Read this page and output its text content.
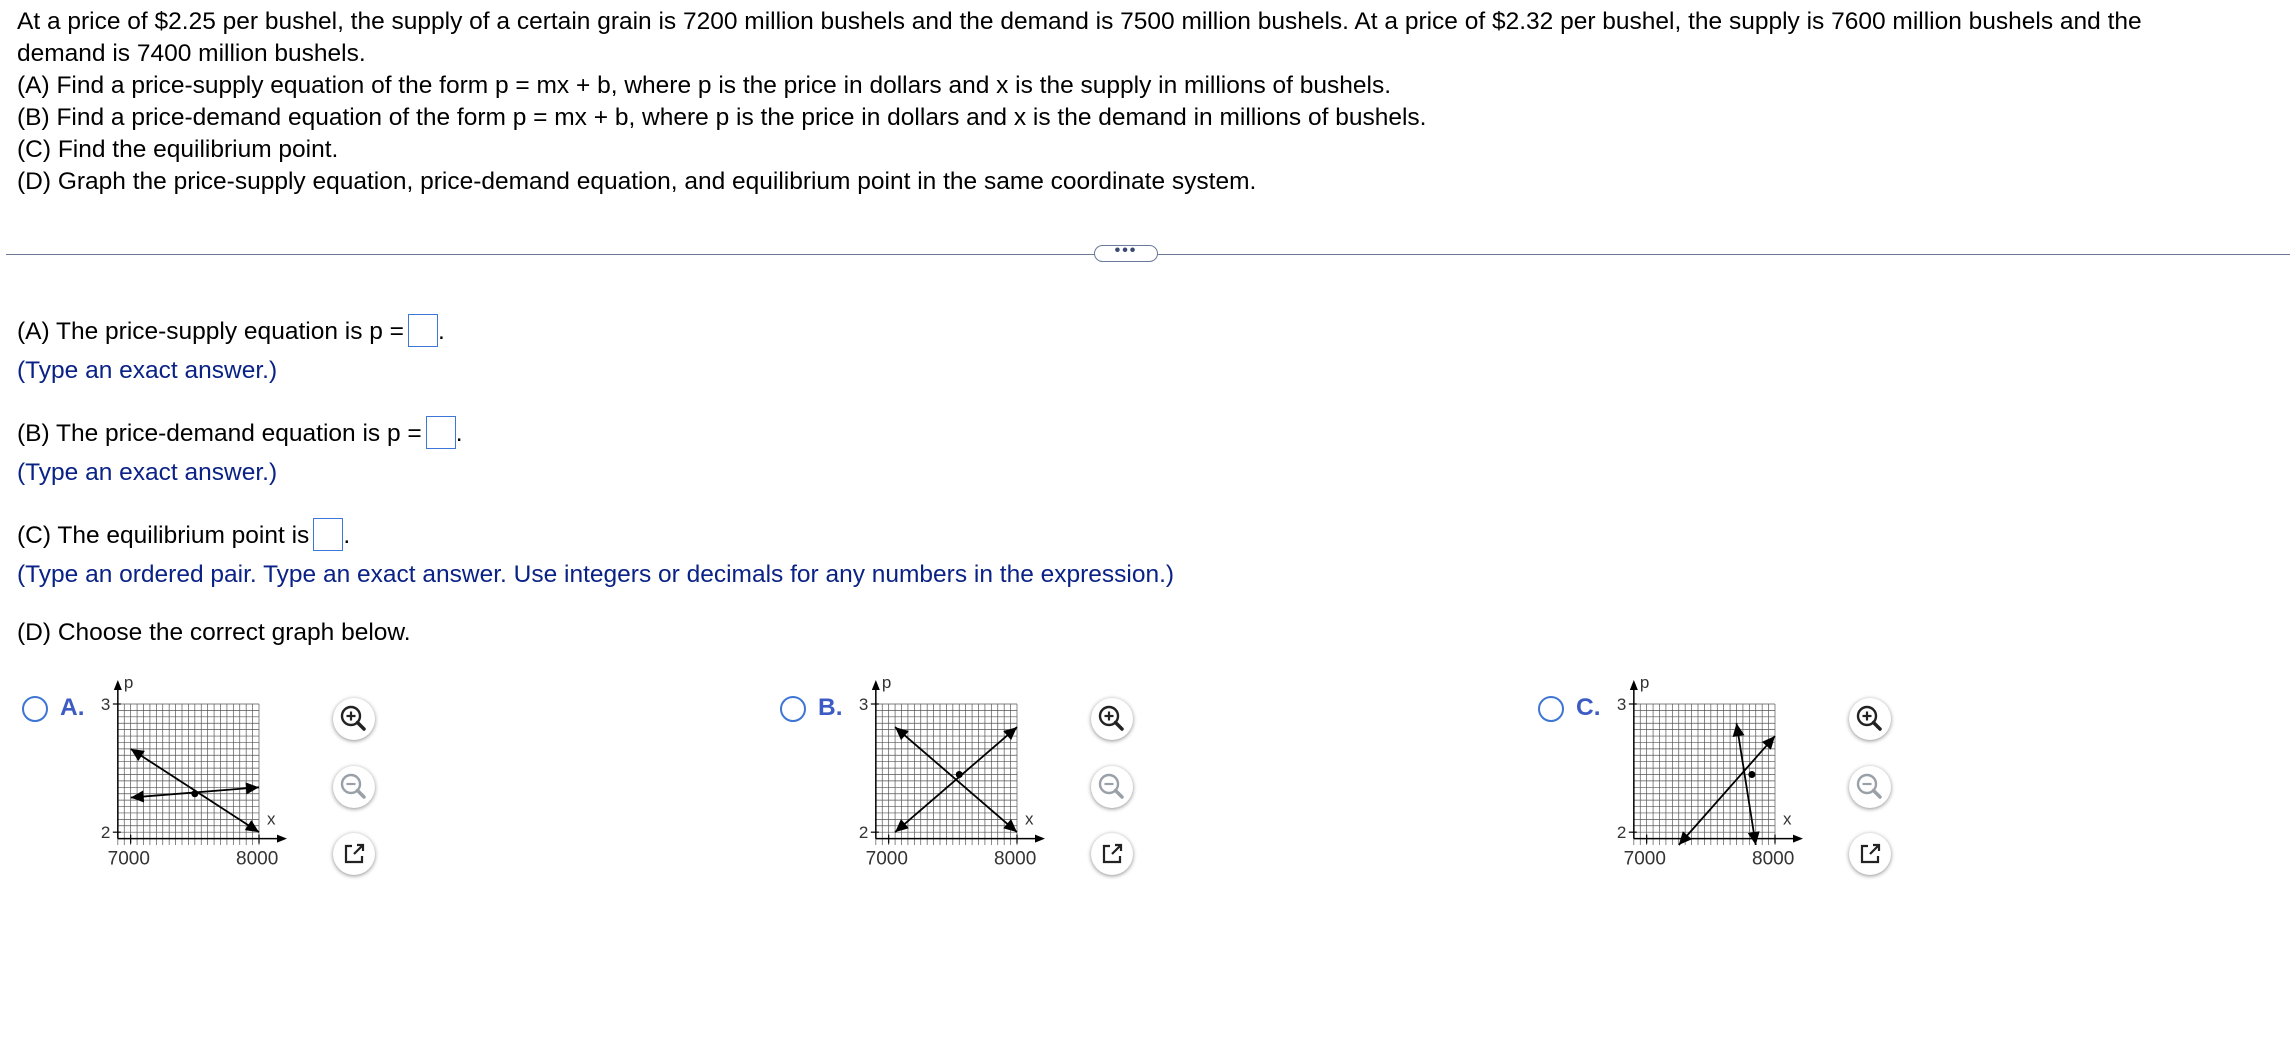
At a price of $2.25 per bushel, the supply of a certain grain is 7200 million bushels and the demand is 7500 million bushels. At a price of $2.32 per bushel, the supply is 7600 million bushels and the

demand is 7400 million bushels.

(A) Find a price-supply equation of the form p = mx + b, where p is the price in dollars and x is the supply in millions of bushels.

(B) Find a price-demand equation of the form p = mx + b, where p is the price in dollars and x is the demand in millions of bushels.

(C) Find the equilibrium point.

(D) Graph the price-supply equation, price-demand equation, and equilibrium point in the same coordinate system.

•••
(A) The price-supply equation is p = .
(Type an exact answer.)
(B) The price-demand equation is p = .
(Type an exact answer.)
(C) The equilibrium point is .
(Type an ordered pair. Type an exact answer. Use integers or decimals for any numbers in the expression.)
(D) Choose the correct graph below.
A.
2
3
7000	8000
p
x
B.
2
3
7000	8000
p
x
C.
2
3
7000	8000
p
x
